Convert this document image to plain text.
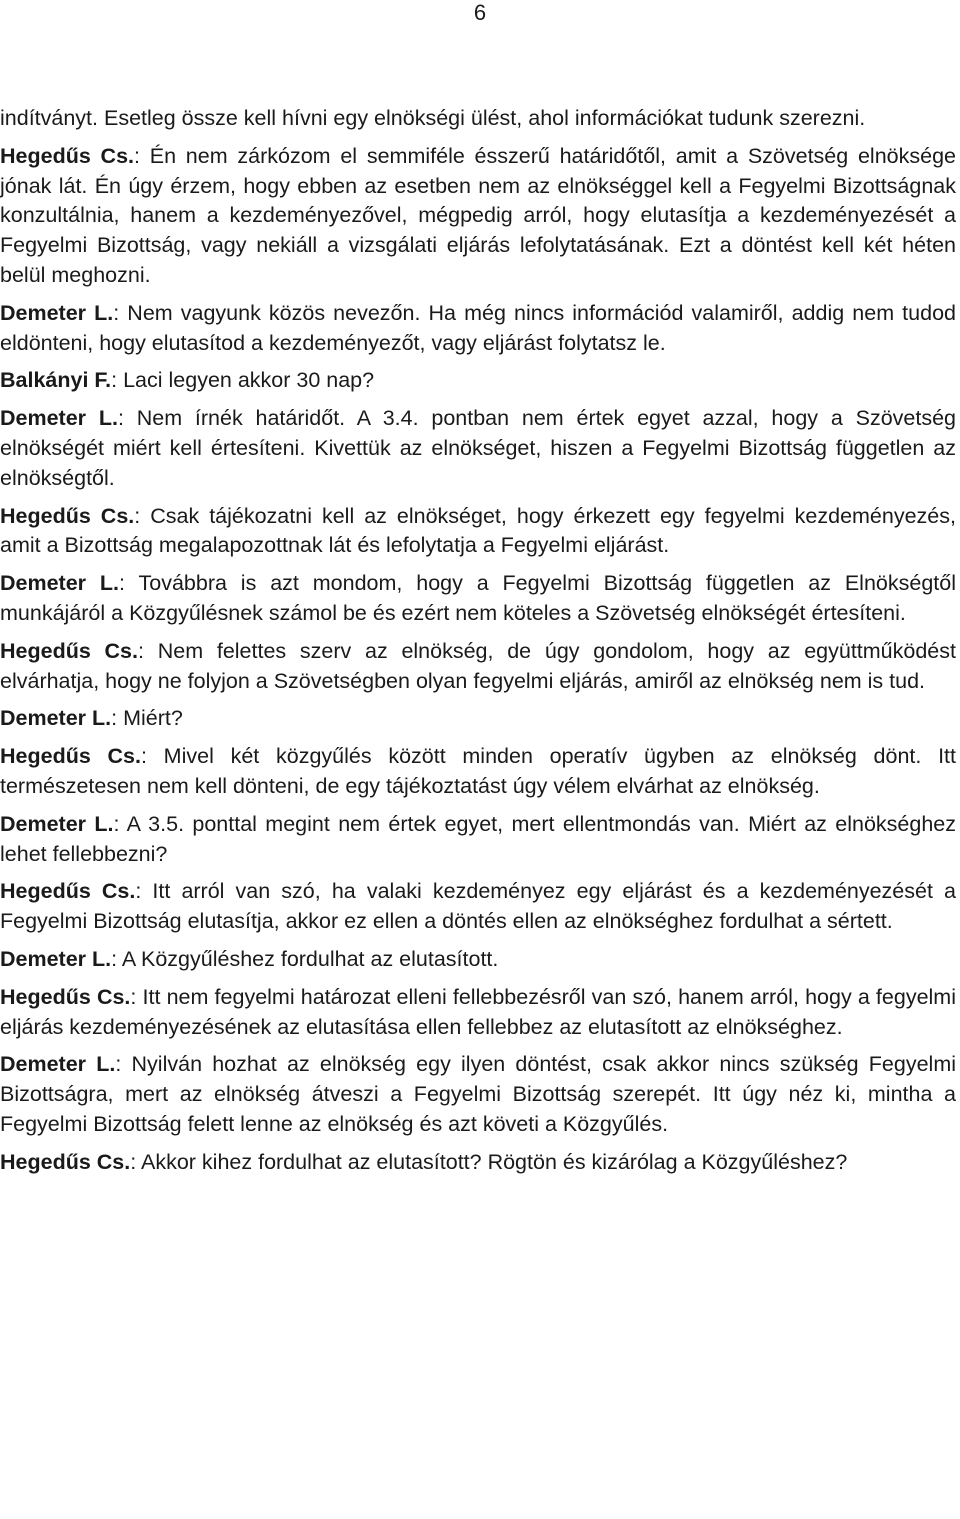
6

indítványt. Esetleg össze kell hívni egy elnökségi ülést, ahol információkat tudunk szerezni.

Hegedűs Cs.: Én nem zárkózom el semmiféle ésszerű határidőtől, amit a Szövetség elnöksége jónak lát. Én úgy érzem, hogy ebben az esetben nem az elnökséggel kell a Fegyelmi Bizottságnak konzultálnia, hanem a kezdeményezővel, mégpedig arról, hogy elutasítja a kezdeményezését a Fegyelmi Bizottság, vagy nekiáll a vizsgálati eljárás lefolytatásának. Ezt a döntést kell két héten belül meghozni.

Demeter L.: Nem vagyunk közös nevezőn. Ha még nincs információd valamiről, addig nem tudod eldönteni, hogy elutasítod a kezdeményezőt, vagy eljárást folytatsz le.

Balkányi F.: Laci legyen akkor 30 nap?

Demeter L.: Nem írnék határidőt. A 3.4. pontban nem értek egyet azzal, hogy a Szövetség elnökségét miért kell értesíteni. Kivettük az elnökséget, hiszen a Fegyelmi Bizottság független az elnökségtől.

Hegedűs Cs.: Csak tájékozatni kell az elnökséget, hogy érkezett egy fegyelmi kezdeményezés, amit a Bizottság megalapozottnak lát és lefolytatja a Fegyelmi eljárást.

Demeter L.: Továbbra is azt mondom, hogy a Fegyelmi Bizottság független az Elnökségtől munkájáról a Közgyűlésnek számol be és ezért nem köteles a Szövetség elnökségét értesíteni.

Hegedűs Cs.: Nem felettes szerv az elnökség, de úgy gondolom, hogy az együttműködést elvárhatja, hogy ne folyjon a Szövetségben olyan fegyelmi eljárás, amiről az elnökség nem is tud.

Demeter L.: Miért?

Hegedűs Cs.: Mivel két közgyűlés között minden operatív ügyben az elnökség dönt. Itt természetesen nem kell dönteni, de egy tájékoztatást úgy vélem elvárhat az elnökség.

Demeter L.: A 3.5. ponttal megint nem értek egyet, mert ellentmondás van. Miért az elnökséghez lehet fellebbezni?

Hegedűs Cs.: Itt arról van szó, ha valaki kezdeményez egy eljárást és a kezdeményezését a Fegyelmi Bizottság elutasítja, akkor ez ellen a döntés ellen az elnökséghez fordulhat a sértett.

Demeter L.: A Közgyűléshez fordulhat az elutasított.

Hegedűs Cs.: Itt nem fegyelmi határozat elleni fellebbezésről van szó, hanem arról, hogy a fegyelmi eljárás kezdeményezésének az elutasítása ellen fellebbez az elutasított az elnökséghez.

Demeter L.: Nyilván hozhat az elnökség egy ilyen döntést, csak akkor nincs szükség Fegyelmi Bizottságra, mert az elnökség átveszi a Fegyelmi Bizottság szerepét. Itt úgy néz ki, mintha a Fegyelmi Bizottság felett lenne az elnökség és azt követi a Közgyűlés.

Hegedűs Cs.: Akkor kihez fordulhat az elutasított? Rögtön és kizárólag a Közgyűléshez?
